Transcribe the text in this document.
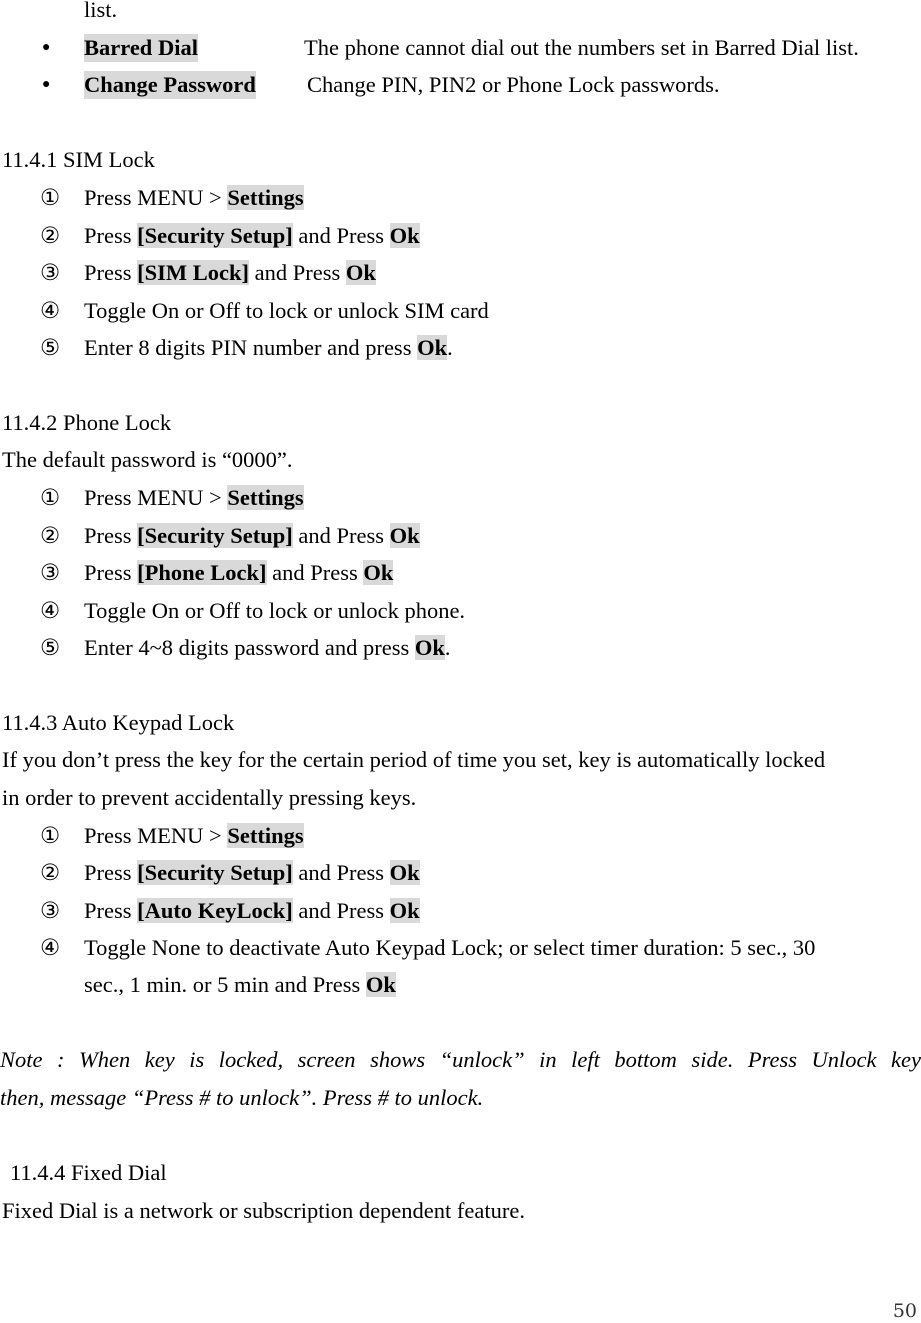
list.
● Barred Dial	The phone cannot dial out the numbers set in Barred Dial list.
● Change Password Change PIN, PIN2 or Phone Lock passwords.
11.4.1 SIM Lock
①	Press MENU > Settings
②	Press [Security Setup] and Press Ok
③	Press [SIM Lock] and Press Ok
④	Toggle On or Off to lock or unlock SIM card
⑤	Enter 8 digits PIN number and press Ok.
11.4.2 Phone Lock
The default password is “0000”.
①	Press MENU > Settings
②	Press [Security Setup] and Press Ok
③	Press [Phone Lock] and Press Ok
④	Toggle On or Off to lock or unlock phone.
⑤	Enter 4~8 digits password and press Ok.
11.4.3 Auto Keypad Lock
If you don’t press the key for the certain period of time you set, key is automatically locked
in order to prevent accidentally pressing keys.
①	Press MENU > Settings
②	Press [Security Setup] and Press Ok
③	Press [Auto KeyLock] and Press Ok
④	Toggle None to deactivate Auto Keypad Lock; or select timer duration: 5 sec., 30
sec., 1 min. or 5 min and Press Ok
Note : When key is locked, screen shows “unlock” in left bottom side. Press Unlock key
then, message “Press # to unlock”. Press # to unlock.
11.4.4 Fixed Dial
Fixed Dial is a network or subscription dependent feature.
50
